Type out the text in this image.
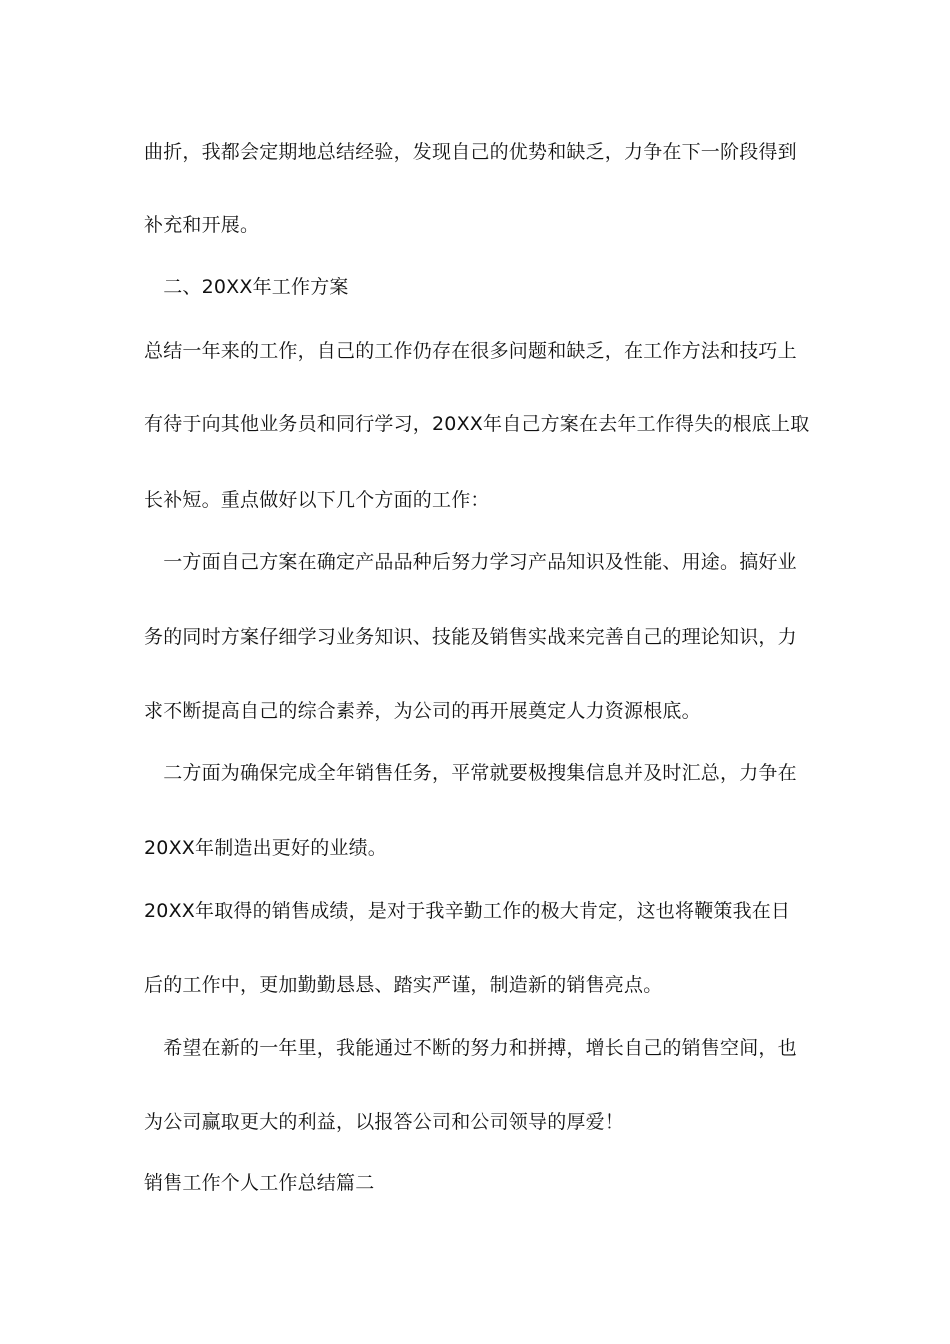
曲折，我都会定期地总结经验，发现自己的优势和缺乏，力争在下一阶段得到
补充和开展。
　二、20XX年工作方案
总结一年来的工作，自己的工作仍存在很多问题和缺乏，在工作方法和技巧上
有待于向其他业务员和同行学习，20XX年自己方案在去年工作得失的根底上取
长补短。重点做好以下几个方面的工作：
　一方面自己方案在确定产品品种后努力学习产品知识及性能、用途。搞好业
务的同时方案仔细学习业务知识、技能及销售实战来完善自己的理论知识，力
求不断提高自己的综合素养，为公司的再开展奠定人力资源根底。
　二方面为确保完成全年销售任务，平常就要极搜集信息并及时汇总，力争在
20XX年制造出更好的业绩。
20XX年取得的销售成绩，是对于我辛勤工作的极大肯定，这也将鞭策我在日
后的工作中，更加勤勤恳恳、踏实严谨，制造新的销售亮点。
　希望在新的一年里，我能通过不断的努力和拼搏，增长自己的销售空间，也
为公司赢取更大的利益，以报答公司和公司领导的厚爱！
销售工作个人工作总结篇二
